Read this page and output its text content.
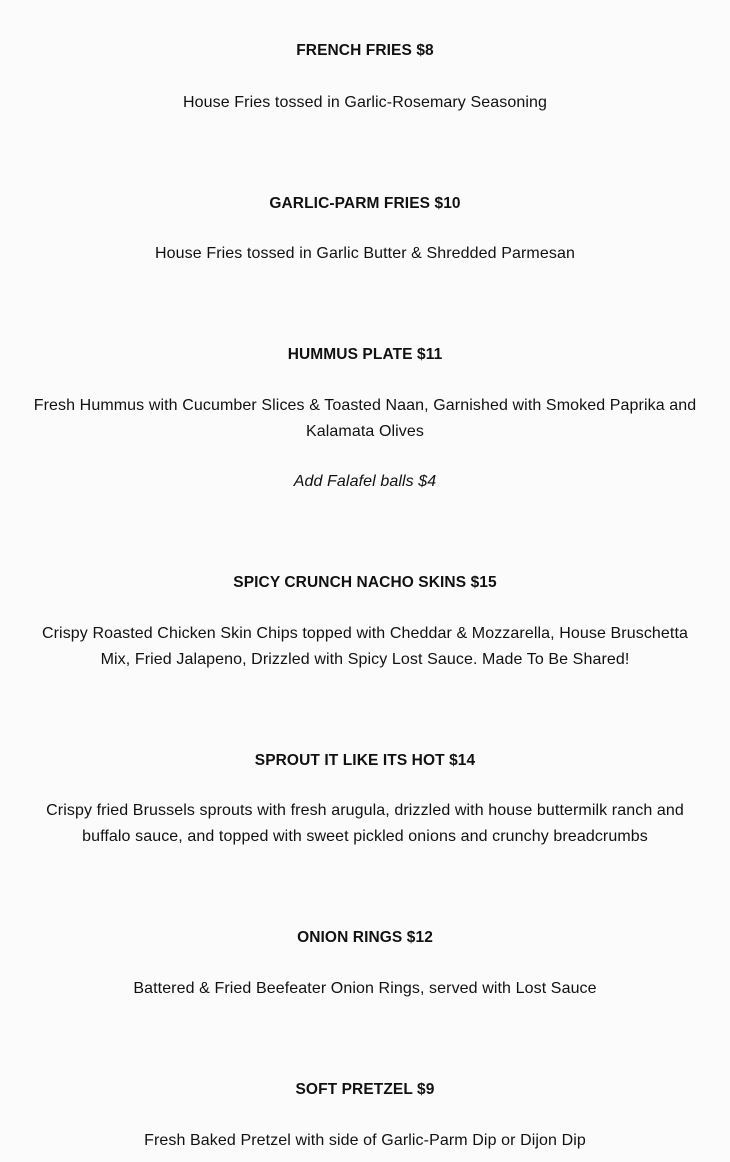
FRENCH FRIES $8
House Fries tossed in Garlic-Rosemary Seasoning
GARLIC-PARM FRIES $10
House Fries tossed in Garlic Butter & Shredded Parmesan
HUMMUS PLATE $11
Fresh Hummus with Cucumber Slices & Toasted Naan, Garnished with Smoked Paprika and
Kalamata Olives
Add Falafel balls $4
SPICY CRUNCH NACHO SKINS $15
Crispy Roasted Chicken Skin Chips topped with Cheddar & Mozzarella, House Bruschetta
Mix, Fried Jalapeno, Drizzled with Spicy Lost Sauce. Made To Be Shared!
SPROUT IT LIKE ITS HOT $14
Crispy fried Brussels sprouts with fresh arugula, drizzled with house buttermilk ranch and
buffalo sauce, and topped with sweet pickled onions and crunchy breadcrumbs
ONION RINGS $12
Battered & Fried Beefeater Onion Rings, served with Lost Sauce
SOFT PRETZEL $9
Fresh Baked Pretzel with side of Garlic-Parm Dip or Dijon Dip
